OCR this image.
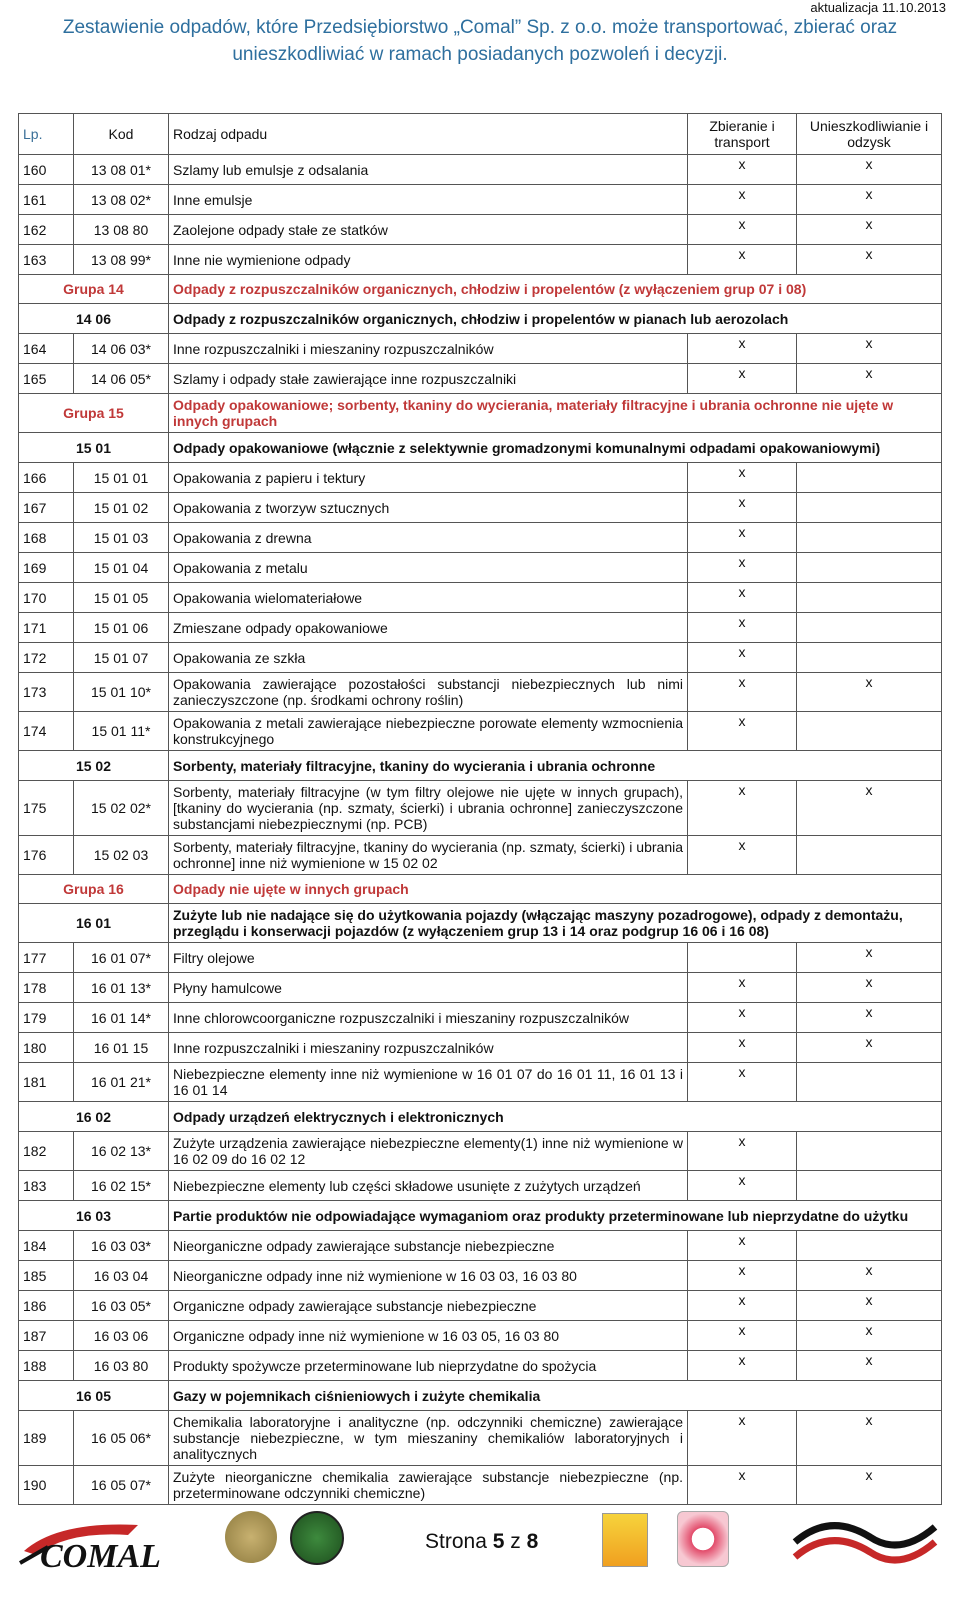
aktualizacja 11.10.2013
Zestawienie odpadów, które Przedsiębiorstwo „Comal” Sp. z o.o. może transportować, zbierać oraz
unieszkodliwiać w ramach posiadanych pozwoleń i decyzji.
Lp.	Kod	Rodzaj odpadu	Zbieranie i transport	Unieszkodliwianie i odzysk
160	13 08 01*	Szlamy lub emulsje z odsalania	x	x
161	13 08 02*	Inne emulsje	x	x
162	13 08 80	Zaolejone odpady stałe ze statków	x	x
163	13 08 99*	Inne nie wymienione odpady	x	x
Grupa 14		Odpady z rozpuszczalników organicznych, chłodziw i propelentów (z wyłączeniem grup 07 i 08)		
14 06		Odpady z rozpuszczalników organicznych, chłodziw i propelentów w pianach lub aerozolach		
164	14 06 03*	Inne rozpuszczalniki i mieszaniny rozpuszczalników	x	x
165	14 06 05*	Szlamy i odpady stałe zawierające inne rozpuszczalniki	x	x
Grupa 15		Odpady opakowaniowe; sorbenty, tkaniny do wycierania, materiały filtracyjne i ubrania ochronne nie ujęte w innych grupach		
15 01		Odpady opakowaniowe (włącznie z selektywnie gromadzonymi komunalnymi odpadami opakowaniowymi)		
166	15 01 01	Opakowania z papieru i tektury	x	
167	15 01 02	Opakowania z tworzyw sztucznych	x	
168	15 01 03	Opakowania z drewna	x	
169	15 01 04	Opakowania z metalu	x	
170	15 01 05	Opakowania wielomateriałowe	x	
171	15 01 06	Zmieszane odpady opakowaniowe	x	
172	15 01 07	Opakowania ze szkła	x	
173	15 01 10*	Opakowania zawierające pozostałości substancji niebezpiecznych lub nimi zanieczyszczone (np. środkami ochrony roślin)	x	x
174	15 01 11*	Opakowania z metali zawierające niebezpieczne porowate elementy wzmocnienia konstrukcyjnego	x	
15 02		Sorbenty, materiały filtracyjne, tkaniny do wycierania i ubrania ochronne		
175	15 02 02*	Sorbenty, materiały filtracyjne (w tym filtry olejowe nie ujęte w innych grupach), [tkaniny do wycierania (np. szmaty, ścierki) i ubrania ochronne] zanieczyszczone substancjami niebezpiecznymi (np. PCB)	x	x
176	15 02 03	Sorbenty, materiały filtracyjne, tkaniny do wycierania (np. szmaty, ścierki) i ubrania ochronne] inne niż wymienione w 15 02 02	x	
Grupa 16		Odpady nie ujęte w innych grupach		
16 01		Zużyte lub nie nadające się do użytkowania pojazdy (włączając maszyny pozadrogowe), odpady z demontażu, przeglądu i konserwacji pojazdów (z wyłączeniem grup 13 i 14 oraz podgrup 16 06 i 16 08)		
177	16 01 07*	Filtry olejowe		x
178	16 01 13*	Płyny hamulcowe	x	x
179	16 01 14*	Inne chlorowcoorganiczne rozpuszczalniki i mieszaniny rozpuszczalników	x	x
180	16 01 15	Inne rozpuszczalniki i mieszaniny rozpuszczalników	x	x
181	16 01 21*	Niebezpieczne elementy inne niż wymienione w 16 01 07 do 16 01 11, 16 01 13 i 16 01 14	x	
16 02		Odpady urządzeń elektrycznych i elektronicznych		
182	16 02 13*	Zużyte urządzenia zawierające niebezpieczne elementy(1) inne niż wymienione w 16 02 09 do 16 02 12	x	
183	16 02 15*	Niebezpieczne elementy lub części składowe usunięte z zużytych urządzeń	x	
16 03		Partie produktów nie odpowiadające wymaganiom oraz produkty przeterminowane lub nieprzydatne do użytku		
184	16 03 03*	Nieorganiczne odpady zawierające substancje niebezpieczne	x	
185	16 03 04	Nieorganiczne odpady inne niż wymienione w 16 03 03, 16 03 80	x	x
186	16 03 05*	Organiczne odpady zawierające substancje niebezpieczne	x	x
187	16 03 06	Organiczne odpady inne niż wymienione w 16 03 05, 16 03 80	x	x
188	16 03 80	Produkty spożywcze przeterminowane lub nieprzydatne do spożycia	x	x
16 05		Gazy w pojemnikach ciśnieniowych i zużyte chemikalia		
189	16 05 06*	Chemikalia laboratoryjne i analityczne (np. odczynniki chemiczne) zawierające substancje niebezpieczne, w tym mieszaniny chemikaliów laboratoryjnych i analitycznych	x	x
190	16 05 07*	Zużyte nieorganiczne chemikalia zawierające substancje niebezpieczne (np. przeterminowane odczynniki chemiczne)	x	x
COMAL	Strona 5 z 8
